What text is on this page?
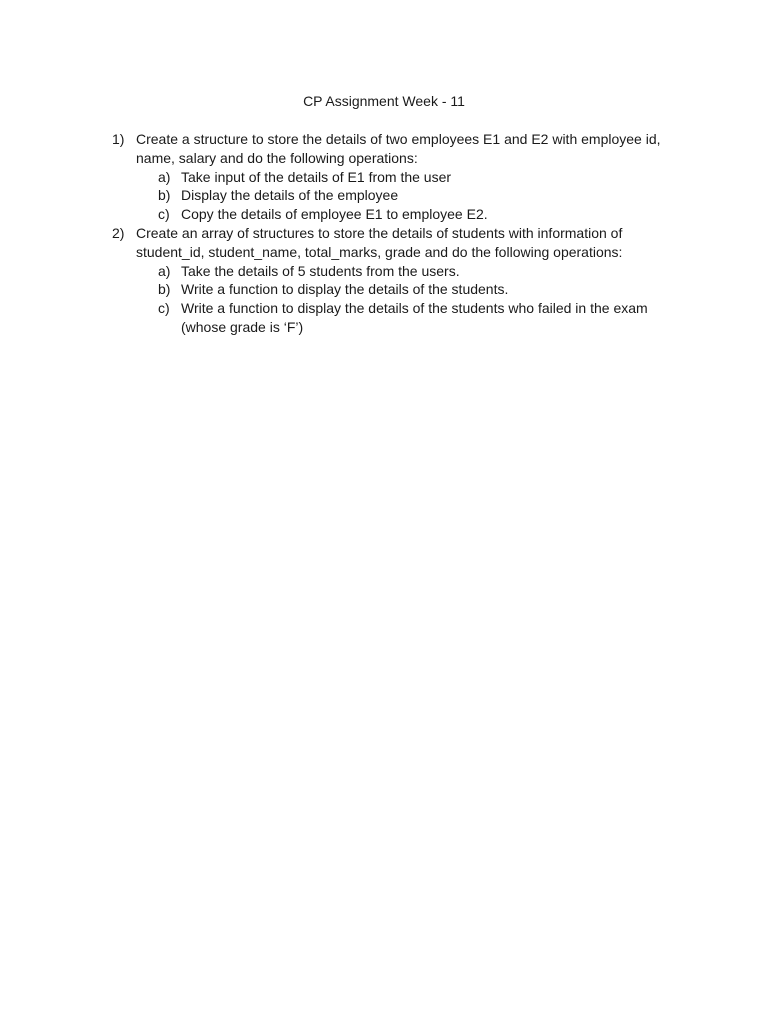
CP Assignment Week - 11
1) Create a structure to store the details of two employees E1 and E2 with employee id, name, salary and do the following operations:
a) Take input of the details of E1 from the user
b) Display the details of the employee
c) Copy the details of employee E1 to employee E2.
2) Create an array of structures to store the details of students with information of student_id, student_name, total_marks, grade and do the following operations:
a) Take the details of 5 students from the users.
b) Write a function to display the details of the students.
c) Write a function to display the details of the students who failed in the exam (whose grade is ‘F’)
